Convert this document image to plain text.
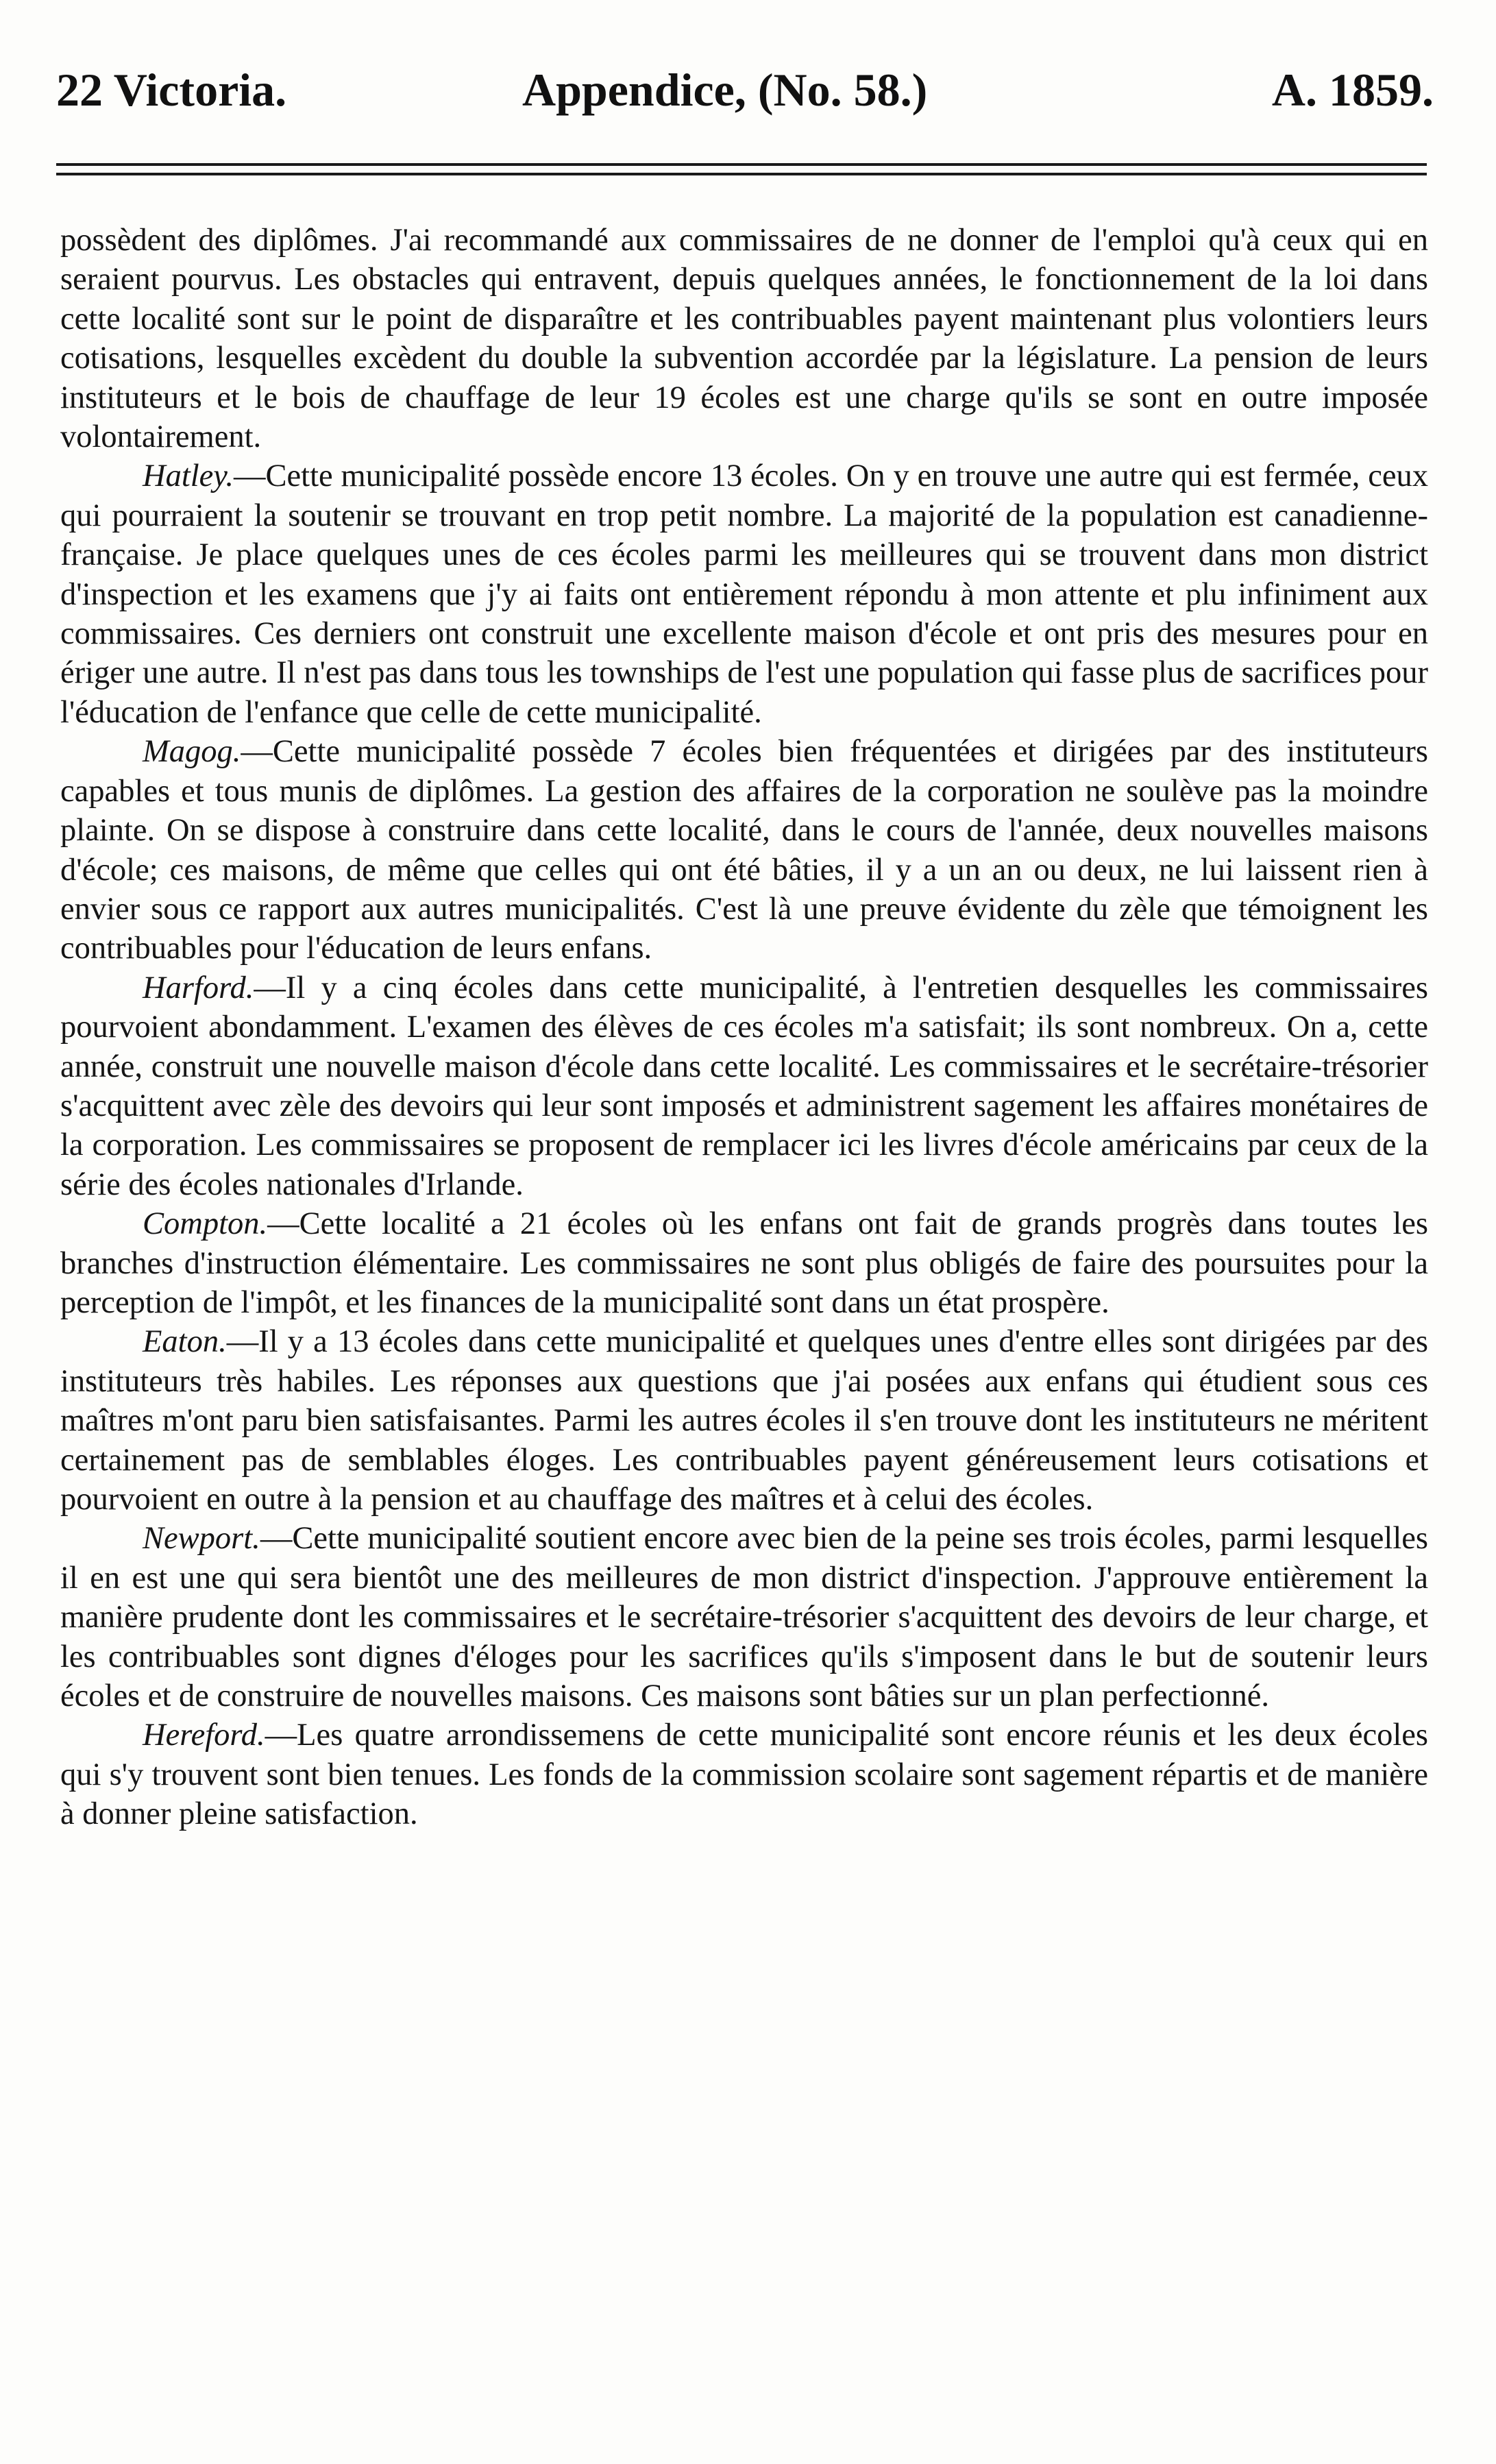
22 Victoria.	Appendice, (No. 58.)	A. 1859.

possèdent des diplômes. J'ai recommandé aux commissaires de ne donner de l'emploi qu'à ceux qui en seraient pourvus. Les obstacles qui entravent, depuis quelques années, le fonctionnement de la loi dans cette localité sont sur le point de disparaître et les contribuables payent maintenant plus volontiers leurs cotisations, lesquelles excèdent du double la subvention accordée par la législature. La pension de leurs instituteurs et le bois de chauffage de leur 19 écoles est une charge qu'ils se sont en outre imposée volontairement.

Hatley.—Cette municipalité possède encore 13 écoles. On y en trouve une autre qui est fermée, ceux qui pourraient la soutenir se trouvant en trop petit nombre. La majorité de la population est canadienne-française. Je place quelques unes de ces écoles parmi les meilleures qui se trouvent dans mon district d'inspection et les examens que j'y ai faits ont entièrement répondu à mon attente et plu infiniment aux commissaires. Ces derniers ont construit une excellente maison d'école et ont pris des mesures pour en ériger une autre. Il n'est pas dans tous les townships de l'est une population qui fasse plus de sacrifices pour l'éducation de l'enfance que celle de cette municipalité.

Magog.—Cette municipalité possède 7 écoles bien fréquentées et dirigées par des instituteurs capables et tous munis de diplômes. La gestion des affaires de la corporation ne soulève pas la moindre plainte. On se dispose à construire dans cette localité, dans le cours de l'année, deux nouvelles maisons d'école; ces maisons, de même que celles qui ont été bâties, il y a un an ou deux, ne lui laissent rien à envier sous ce rapport aux autres municipalités. C'est là une preuve évidente du zèle que témoignent les contribuables pour l'éducation de leurs enfans.

Harford.—Il y a cinq écoles dans cette municipalité, à l'entretien desquelles les commissaires pourvoient abondamment. L'examen des élèves de ces écoles m'a satisfait; ils sont nombreux. On a, cette année, construit une nouvelle maison d'école dans cette localité. Les commissaires et le secrétaire-trésorier s'acquittent avec zèle des devoirs qui leur sont imposés et administrent sagement les affaires monétaires de la corporation. Les commissaires se proposent de remplacer ici les livres d'école américains par ceux de la série des écoles nationales d'Irlande.

Compton.—Cette localité a 21 écoles où les enfans ont fait de grands progrès dans toutes les branches d'instruction élémentaire. Les commissaires ne sont plus obligés de faire des poursuites pour la perception de l'impôt, et les finances de la municipalité sont dans un état prospère.

Eaton.—Il y a 13 écoles dans cette municipalité et quelques unes d'entre elles sont dirigées par des instituteurs très habiles. Les réponses aux questions que j'ai posées aux enfans qui étudient sous ces maîtres m'ont paru bien satisfaisantes. Parmi les autres écoles il s'en trouve dont les instituteurs ne méritent certainement pas de semblables éloges. Les contribuables payent généreusement leurs cotisations et pourvoient en outre à la pension et au chauffage des maîtres et à celui des écoles.

Newport.—Cette municipalité soutient encore avec bien de la peine ses trois écoles, parmi lesquelles il en est une qui sera bientôt une des meilleures de mon district d'inspection. J'approuve entièrement la manière prudente dont les commissaires et le secrétaire-trésorier s'acquittent des devoirs de leur charge, et les contribuables sont dignes d'éloges pour les sacrifices qu'ils s'imposent dans le but de soutenir leurs écoles et de construire de nouvelles maisons. Ces maisons sont bâties sur un plan perfectionné.

Hereford.—Les quatre arrondissemens de cette municipalité sont encore réunis et les deux écoles qui s'y trouvent sont bien tenues. Les fonds de la commission scolaire sont sagement répartis et de manière à donner pleine satisfaction.
